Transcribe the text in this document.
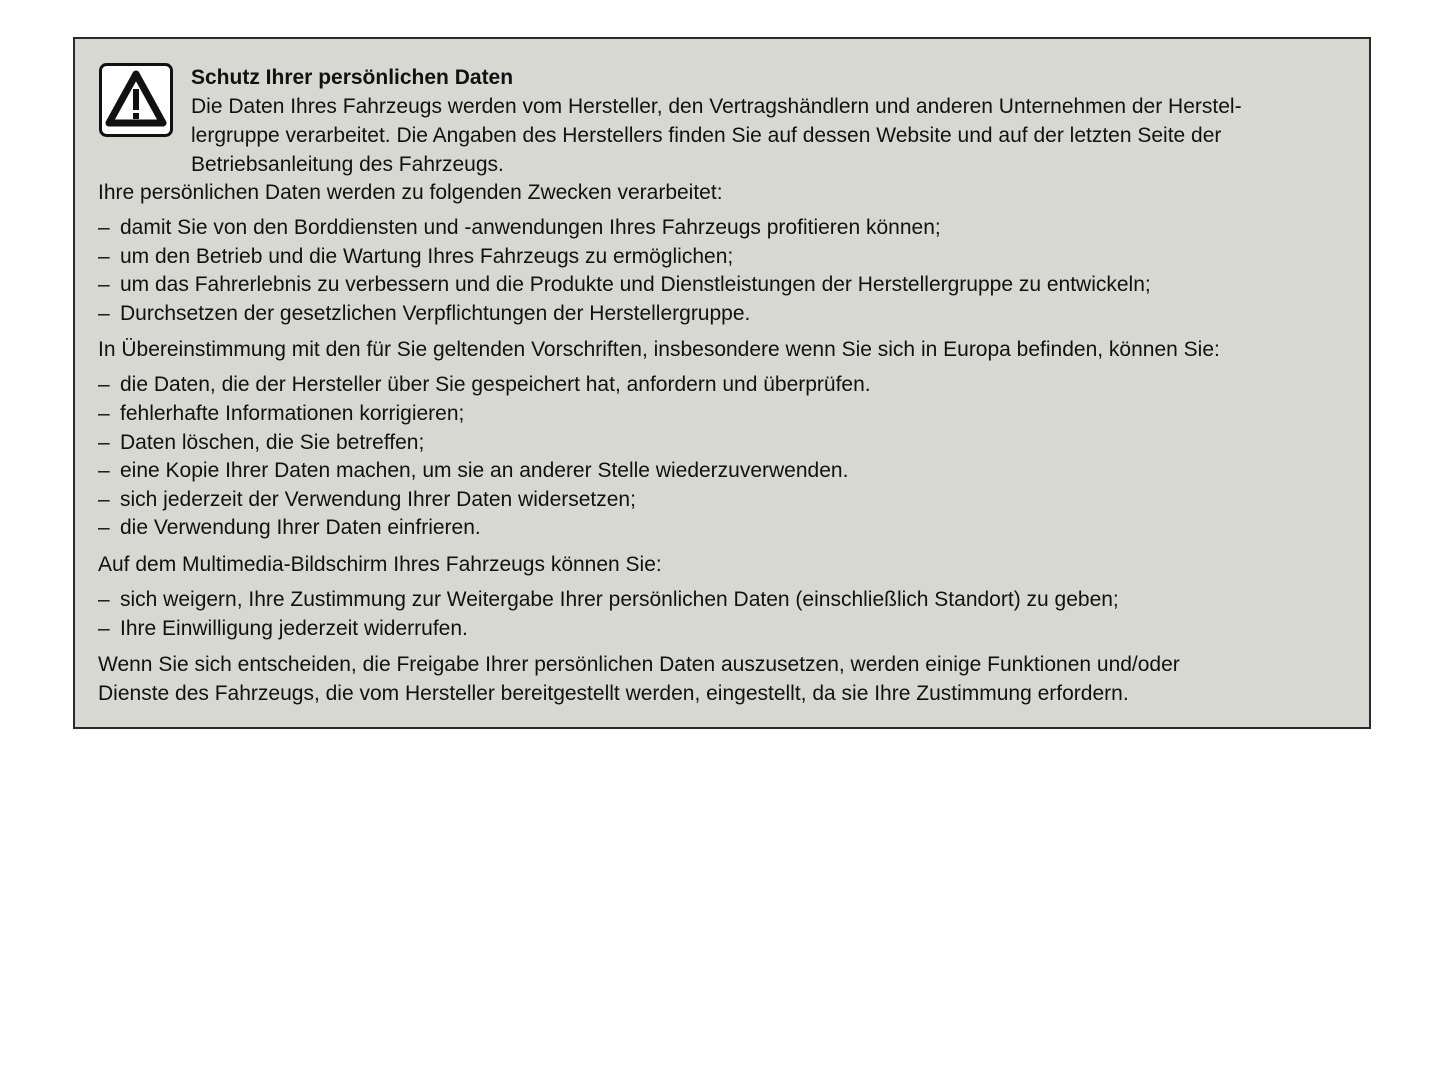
Schutz Ihrer persönlichen Daten

Die Daten Ihres Fahrzeugs werden vom Hersteller, den Vertragshändlern und anderen Unternehmen der Herstel-

lergruppe verarbeitet. Die Angaben des Herstellers finden Sie auf dessen Website und auf der letzten Seite der

Betriebsanleitung des Fahrzeugs.

Ihre persönlichen Daten werden zu folgenden Zwecken verarbeitet:

– damit Sie von den Borddiensten und -anwendungen Ihres Fahrzeugs profitieren können;
– um den Betrieb und die Wartung Ihres Fahrzeugs zu ermöglichen;
– um das Fahrerlebnis zu verbessern und die Produkte und Dienstleistungen der Herstellergruppe zu entwickeln;
– Durchsetzen der gesetzlichen Verpflichtungen der Herstellergruppe.

In Übereinstimmung mit den für Sie geltenden Vorschriften, insbesondere wenn Sie sich in Europa befinden, können Sie:

– die Daten, die der Hersteller über Sie gespeichert hat, anfordern und überprüfen.
– fehlerhafte Informationen korrigieren;
– Daten löschen, die Sie betreffen;
– eine Kopie Ihrer Daten machen, um sie an anderer Stelle wiederzuverwenden.
– sich jederzeit der Verwendung Ihrer Daten widersetzen;
– die Verwendung Ihrer Daten einfrieren.

Auf dem Multimedia-Bildschirm Ihres Fahrzeugs können Sie:

– sich weigern, Ihre Zustimmung zur Weitergabe Ihrer persönlichen Daten (einschließlich Standort) zu geben;
– Ihre Einwilligung jederzeit widerrufen.

Wenn Sie sich entscheiden, die Freigabe Ihrer persönlichen Daten auszusetzen, werden einige Funktionen und/oder

Dienste des Fahrzeugs, die vom Hersteller bereitgestellt werden, eingestellt, da sie Ihre Zustimmung erfordern.
